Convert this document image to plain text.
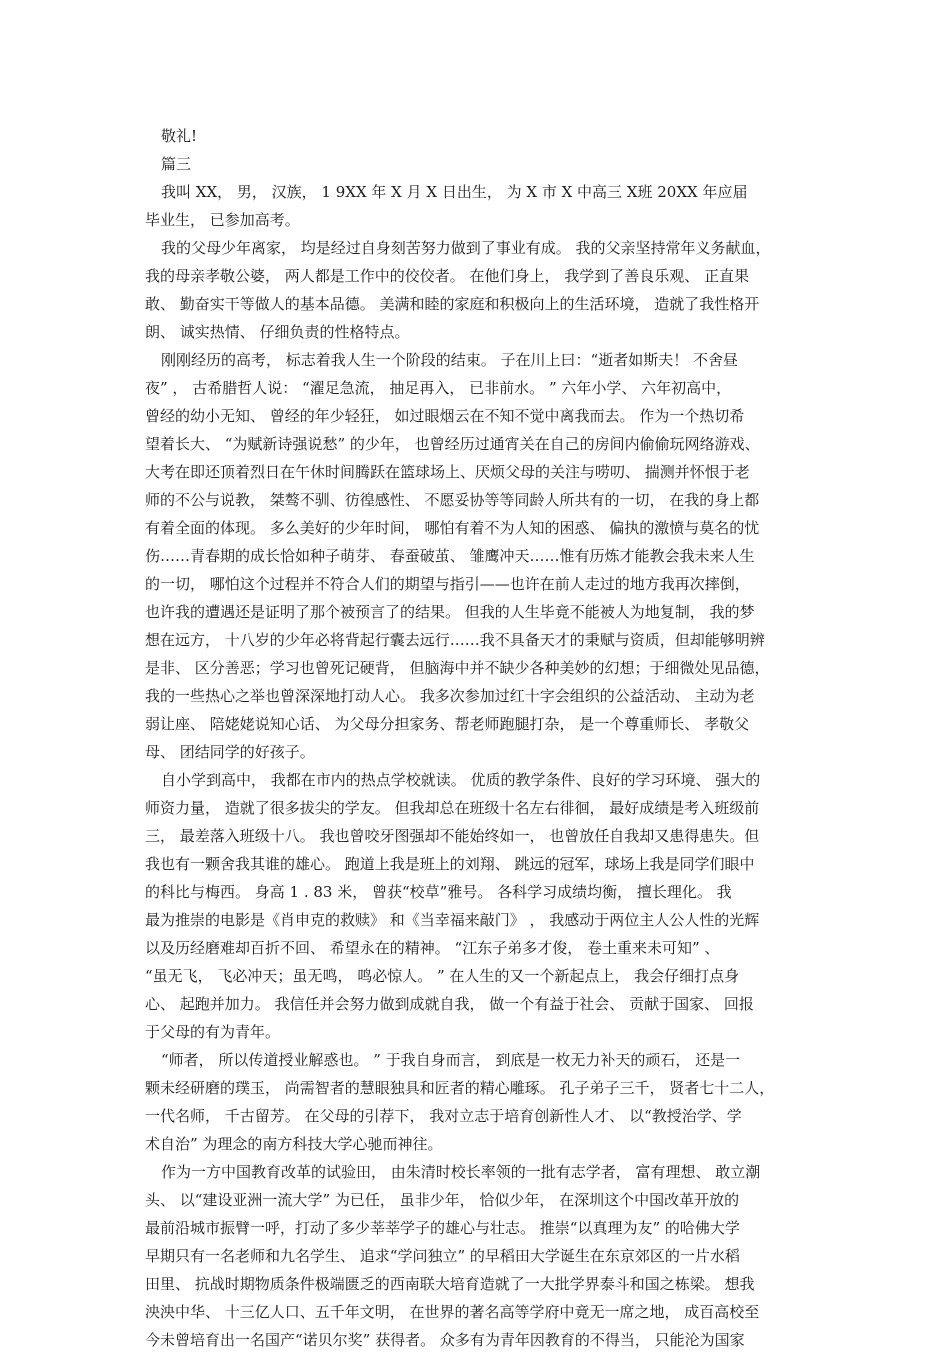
敬礼!
篇三
我叫 XX， 男， 汉族， 1 9XX 年 X 月 X 日出生， 为 X 市 X 中高三 X班 20XX 年应届
毕业生， 已参加高考。
我的父母少年离家， 均是经过自身刻苦努力做到了事业有成。 我的父亲坚持常年义务献血，
我的母亲孝敬公婆， 两人都是工作中的佼佼者。 在他们身上， 我学到了善良乐观、 正直果
敢、 勤奋实干等做人的基本品德。 美满和睦的家庭和积极向上的生活环境， 造就了我性格开
朗、 诚实热情、 仔细负责的性格特点。
刚刚经历的高考， 标志着我人生一个阶段的结束。 子在川上曰：“逝者如斯夫！ 不舍昼
夜” ， 古希腊哲人说： “濯足急流， 抽足再入， 已非前水。 ” 六年小学、 六年初高中，
曾经的幼小无知、 曾经的年少轻狂， 如过眼烟云在不知不觉中离我而去。 作为一个热切希
望着长大、 “为赋新诗强说愁” 的少年， 也曾经历过通宵关在自己的房间内偷偷玩网络游戏、
大考在即还顶着烈日在午休时间腾跃在篮球场上、厌烦父母的关注与唠叨、 揣测并怀恨于老
师的不公与说教， 桀骜不驯、彷徨感性、 不愿妥协等等同龄人所共有的一切， 在我的身上都
有着全面的体现。 多么美好的少年时间， 哪怕有着不为人知的困惑、 偏执的激愤与莫名的忧
伤……青春期的成长恰如种子萌芽、 春蚕破茧、 雏鹰冲天……惟有历炼才能教会我未来人生
的一切， 哪怕这个过程并不符合人们的期望与指引——也许在前人走过的地方我再次摔倒，
也许我的遭遇还是证明了那个被预言了的结果。 但我的人生毕竟不能被人为地复制， 我的梦
想在远方， 十八岁的少年必将背起行囊去远行……我不具备天才的秉赋与资质，但却能够明辨
是非、 区分善恶；学习也曾死记硬背， 但脑海中并不缺少各种美妙的幻想；于细微处见品德，
我的一些热心之举也曾深深地打动人心。 我多次参加过红十字会组织的公益活动、 主动为老
弱让座、 陪姥姥说知心话、 为父母分担家务、帮老师跑腿打杂， 是一个尊重师长、 孝敬父
母、 团结同学的好孩子。
自小学到高中， 我都在市内的热点学校就读。 优质的教学条件、良好的学习环境、 强大的
师资力量， 造就了很多拔尖的学友。 但我却总在班级十名左右徘徊， 最好成绩是考入班级前
三， 最差落入班级十八。 我也曾咬牙图强却不能始终如一， 也曾放任自我却又患得患失。但
我也有一颗舍我其谁的雄心。 跑道上我是班上的刘翔、 跳远的冠军，球场上我是同学们眼中
的科比与梅西。 身高 1 . 83 米， 曾获“校草”雅号。 各科学习成绩均衡， 擅长理化。 我
最为推崇的电影是《肖申克的救赎》 和《当幸福来敲门》 ， 我感动于两位主人公人性的光辉
以及历经磨难却百折不回、 希望永在的精神。 “江东子弟多才俊， 卷土重来未可知” 、
“虽无飞， 飞必冲天；虽无鸣， 鸣必惊人。 ” 在人生的又一个新起点上， 我会仔细打点身
心、 起跑并加力。 我信任并会努力做到成就自我， 做一个有益于社会、 贡献于国家、 回报
于父母的有为青年。
“师者， 所以传道授业解惑也。 ” 于我自身而言， 到底是一枚无力补天的顽石， 还是一
颗未经研磨的璞玉， 尚需智者的慧眼独具和匠者的精心雕琢。 孔子弟子三千， 贤者七十二人，
一代名师， 千古留芳。 在父母的引荐下， 我对立志于培育创新性人才、 以“教授治学、学
术自治” 为理念的南方科技大学心驰而神往。
作为一方中国教育改革的试验田， 由朱清时校长率领的一批有志学者， 富有理想、 敢立潮
头、 以“建设亚洲一流大学” 为已任， 虽非少年， 恰似少年， 在深圳这个中国改革开放的
最前沿城市振臂一呼，打动了多少莘莘学子的雄心与壮志。 推崇“以真理为友” 的哈佛大学
早期只有一名老师和九名学生、 追求“学问独立” 的早稻田大学诞生在东京郊区的一片水稻
田里、 抗战时期物质条件极端匮乏的西南联大培育造就了一大批学界泰斗和国之栋梁。 想我
泱泱中华、 十三亿人口、五千年文明， 在世界的著名高等学府中竟无一席之地， 成百高校至
今未曾培育出一名国产“诺贝尔奖” 获得者。 众多有为青年因教育的不得当， 只能沦为国家
